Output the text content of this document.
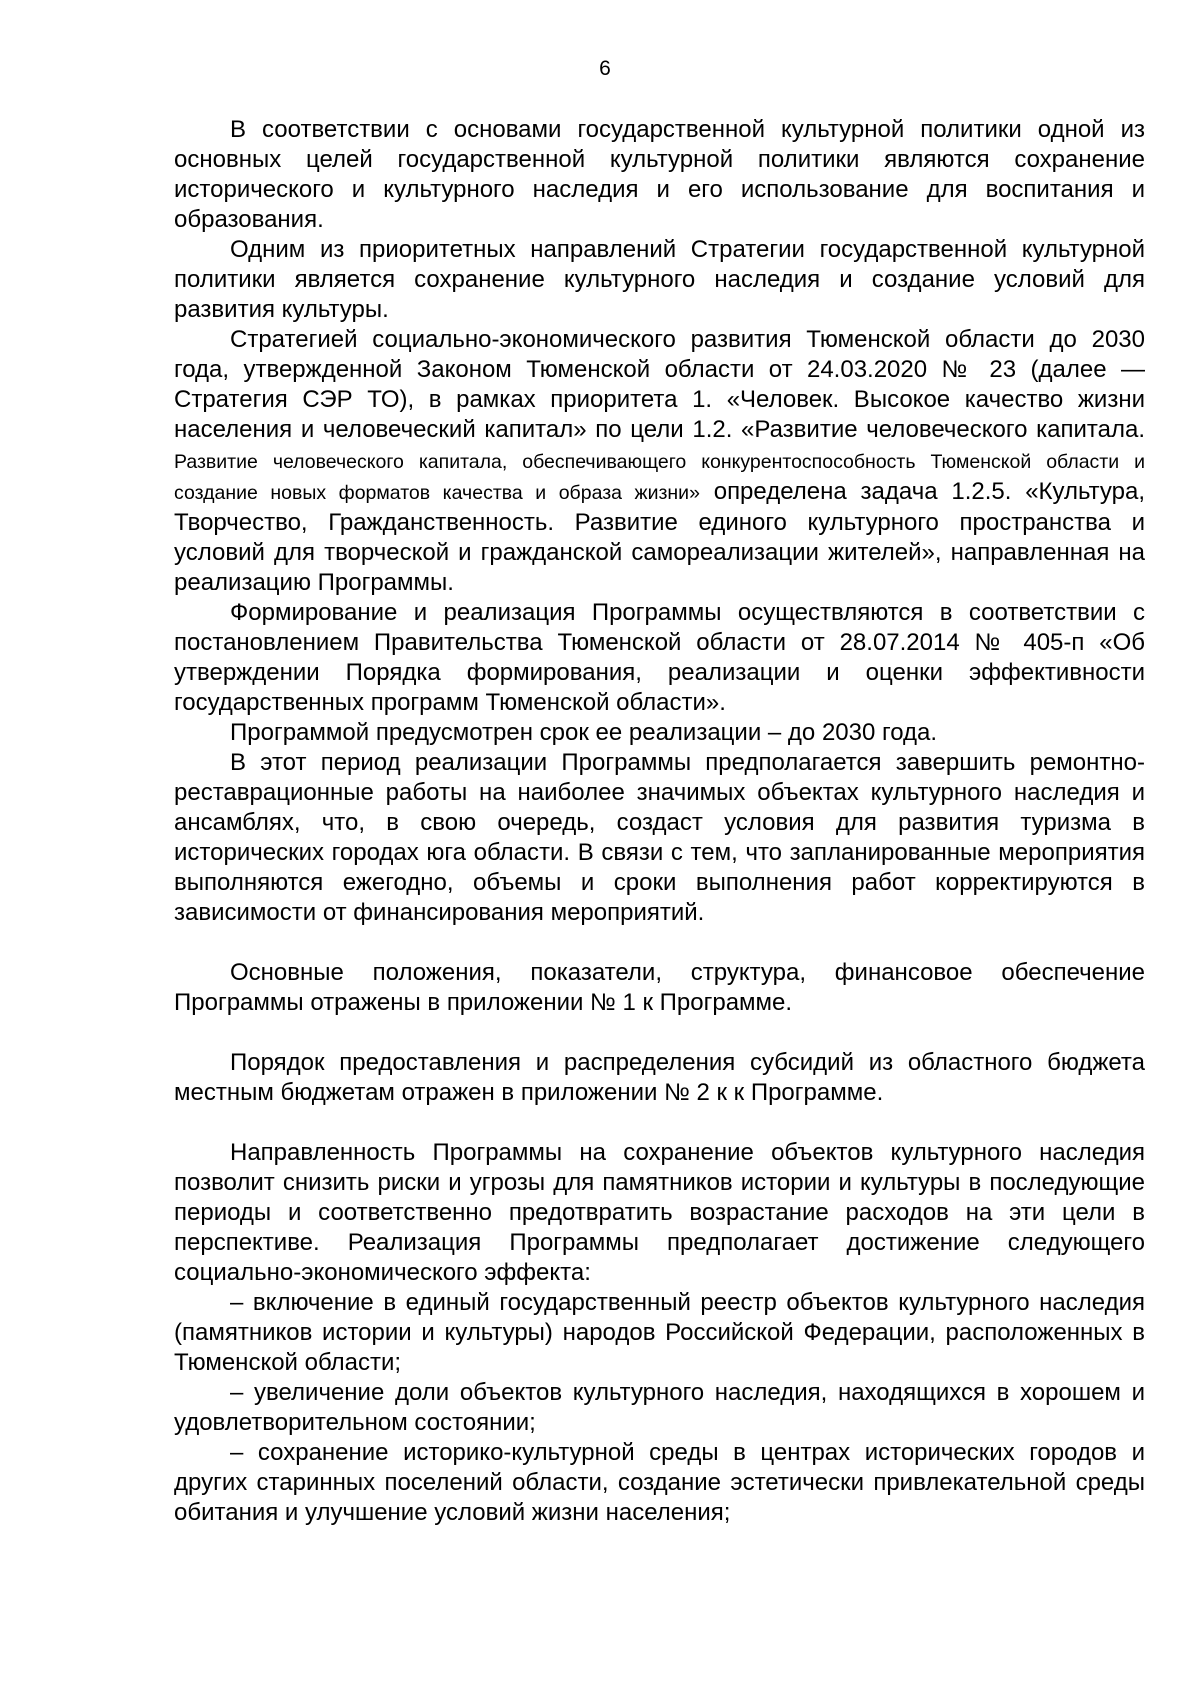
6

В соответствии с основами государственной культурной политики одной из основных целей государственной культурной политики являются сохранение исторического и культурного наследия и его использование для воспитания и образования.

Одним из приоритетных направлений Стратегии государственной культурной политики является сохранение культурного наследия и создание условий для развития культуры.

Стратегией социально-экономического развития Тюменской области до 2030 года, утвержденной Законом Тюменской области от 24.03.2020 № 23 (далее — Стратегия СЭР ТО), в рамках приоритета 1. «Человек. Высокое качество жизни населения и человеческий капитал» по цели 1.2. «Развитие человеческого капитала. Развитие человеческого капитала, обеспечивающего конкурентоспособность Тюменской области и создание новых форматов качества и образа жизни» определена задача 1.2.5. «Культура, Творчество, Гражданственность. Развитие единого культурного пространства и условий для творческой и гражданской самореализации жителей», направленная на реализацию Программы.

Формирование и реализация Программы осуществляются в соответствии с постановлением Правительства Тюменской области от 28.07.2014 № 405-п «Об утверждении Порядка формирования, реализации и оценки эффективности государственных программ Тюменской области».

Программой предусмотрен срок ее реализации – до 2030 года.

В этот период реализации Программы предполагается завершить ремонтно-реставрационные работы на наиболее значимых объектах культурного наследия и ансамблях, что, в свою очередь, создаст условия для развития туризма в исторических городах юга области. В связи с тем, что запланированные мероприятия выполняются ежегодно, объемы и сроки выполнения работ корректируются в зависимости от финансирования мероприятий.

Основные положения, показатели, структура, финансовое обеспечение Программы отражены в приложении № 1 к Программе.

Порядок предоставления и распределения субсидий из областного бюджета местным бюджетам отражен в приложении № 2 к к Программе.

Направленность Программы на сохранение объектов культурного наследия позволит снизить риски и угрозы для памятников истории и культуры в последующие периоды и соответственно предотвратить возрастание расходов на эти цели в перспективе. Реализация Программы предполагает достижение следующего социально-экономического эффекта:

– включение в единый государственный реестр объектов культурного наследия (памятников истории и культуры) народов Российской Федерации, расположенных в Тюменской области;

– увеличение доли объектов культурного наследия, находящихся в хорошем и удовлетворительном состоянии;

– сохранение историко-культурной среды в центрах исторических городов и других старинных поселений области, создание эстетически привлекательной среды обитания и улучшение условий жизни населения;
